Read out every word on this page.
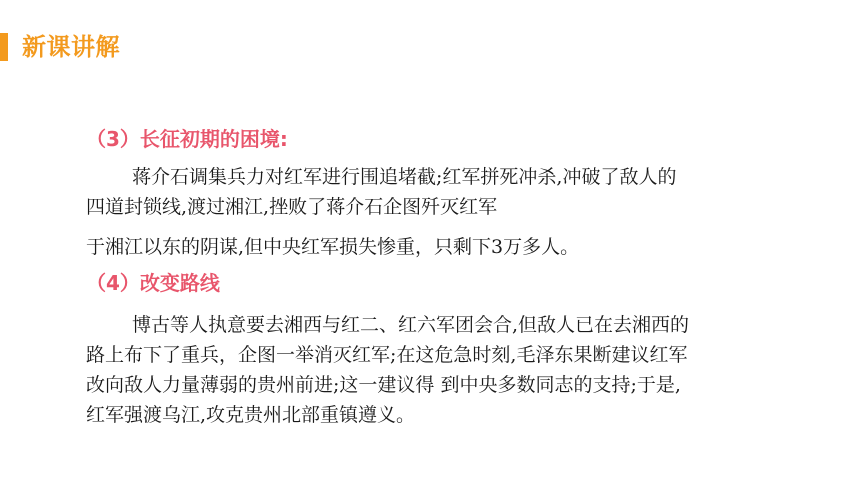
新课讲解
（3）长征初期的困境:
蒋介石调集兵力对红军进行围追堵截;红军拼死冲杀,冲破了敌人的
四道封锁线,渡过湘江,挫败了蒋介石企图歼灭红军
于湘江以东的阴谋,但中央红军损失惨重，只剩下3万多人。
（4）改变路线
博古等人执意要去湘西与红二、红六军团会合,但敌人已在去湘西的
路上布下了重兵，企图一举消灭红军;在这危急时刻,毛泽东果断建议红军
改向敌人力量薄弱的贵州前进;这一建议得 到中央多数同志的支持;于是,
红军强渡乌江,攻克贵州北部重镇遵义。
